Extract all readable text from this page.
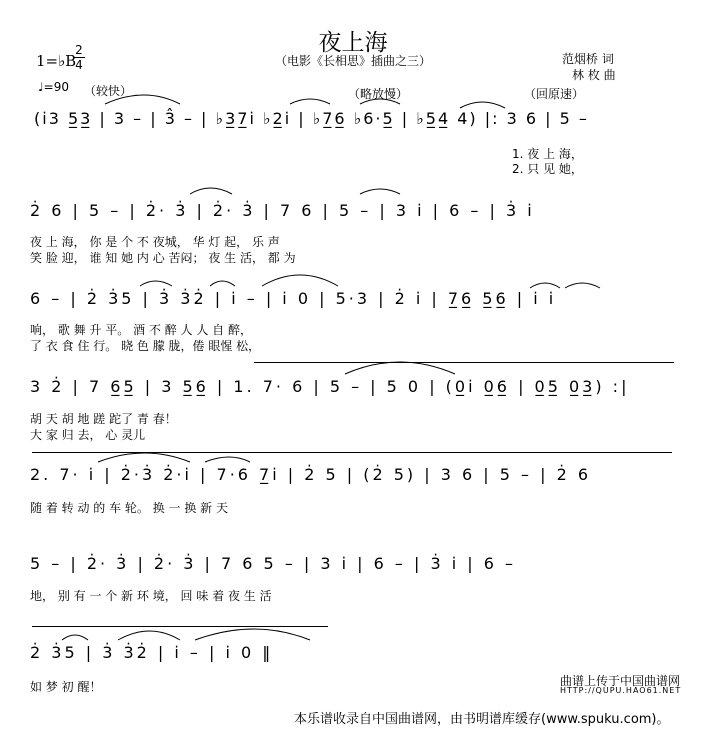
夜上海
（电影《长相思》插曲之三）	范烟桥 词
林 枚 曲
1=♭B
2
4
♩=90 （较快）	（略放慢）	（回原速）
(i̇3 5̲3̲ | 3 – | 3̂ – | ♭3̲7̲i̇ ♭2̲i̇ | ♭7̲6̲ ♭6·5̲ | ♭5̲4̲ 4) |: 3 6 | 5 –
1. 夜 上 海，
2. 只 见 她，
2̇ 6 | 5 – | 2̇· 3̇ | 2̇· 3̇ | 7 6 | 5 – | 3 i̇ | 6 – | 3̇ i̇
夜 上 海， 你 是 个 不 夜城， 华 灯 起， 乐 声
笑 脸 迎， 谁 知 她 内 心 苦闷； 夜 生 活， 都 为
6 – | 2̇ 3̇5 | 3̇ 3̇2̇ | i̇ – | i̇ 0 | 5·3 | 2̇ i̇ | 7̲6̲ 5̲6̲ | i̇ i̇
响， 歌 舞 升 平。 酒 不 醉 人 人 自 醉，
了 衣 食 住 行。 晓 色 朦 胧，倦 眼惺 松，
3 2̇ | 7 6̲5̲ | 3 5̲6̲ | 1. 7· 6 | 5 – | 5 0 | (0̲i̇ 0̲6̲ | 0̲5̲ 0̲3̲) :|
胡 天 胡 地 蹉 跎了 青 春！
大 家 归 去， 心 灵儿
2. 7· i̇ | 2̇·3̇ 2̇·i̇ | 7·6 7̲i̇ | 2̇ 5 | (2̇ 5) | 3 6 | 5 – | 2̇ 6
随 着 转 动 的 车 轮。 换 一 换 新 天
5 – | 2̇· 3̇ | 2̇· 3̇ | 7 6 5 – | 3 i̇ | 6 – | 3̇ i̇ | 6 –
地， 别 有 一 个 新 环 境， 回 味 着 夜 生 活
2̇ 3̇5 | 3̇ 3̇2̇ | i̇ – | i̇ 0 ‖
如 梦 初 醒！	曲谱上传于中国曲谱网
HTTP://QUPU.HAO61.NET
本乐谱收录自中国曲谱网，由书明谱库缓存(www.spuku.com)。
